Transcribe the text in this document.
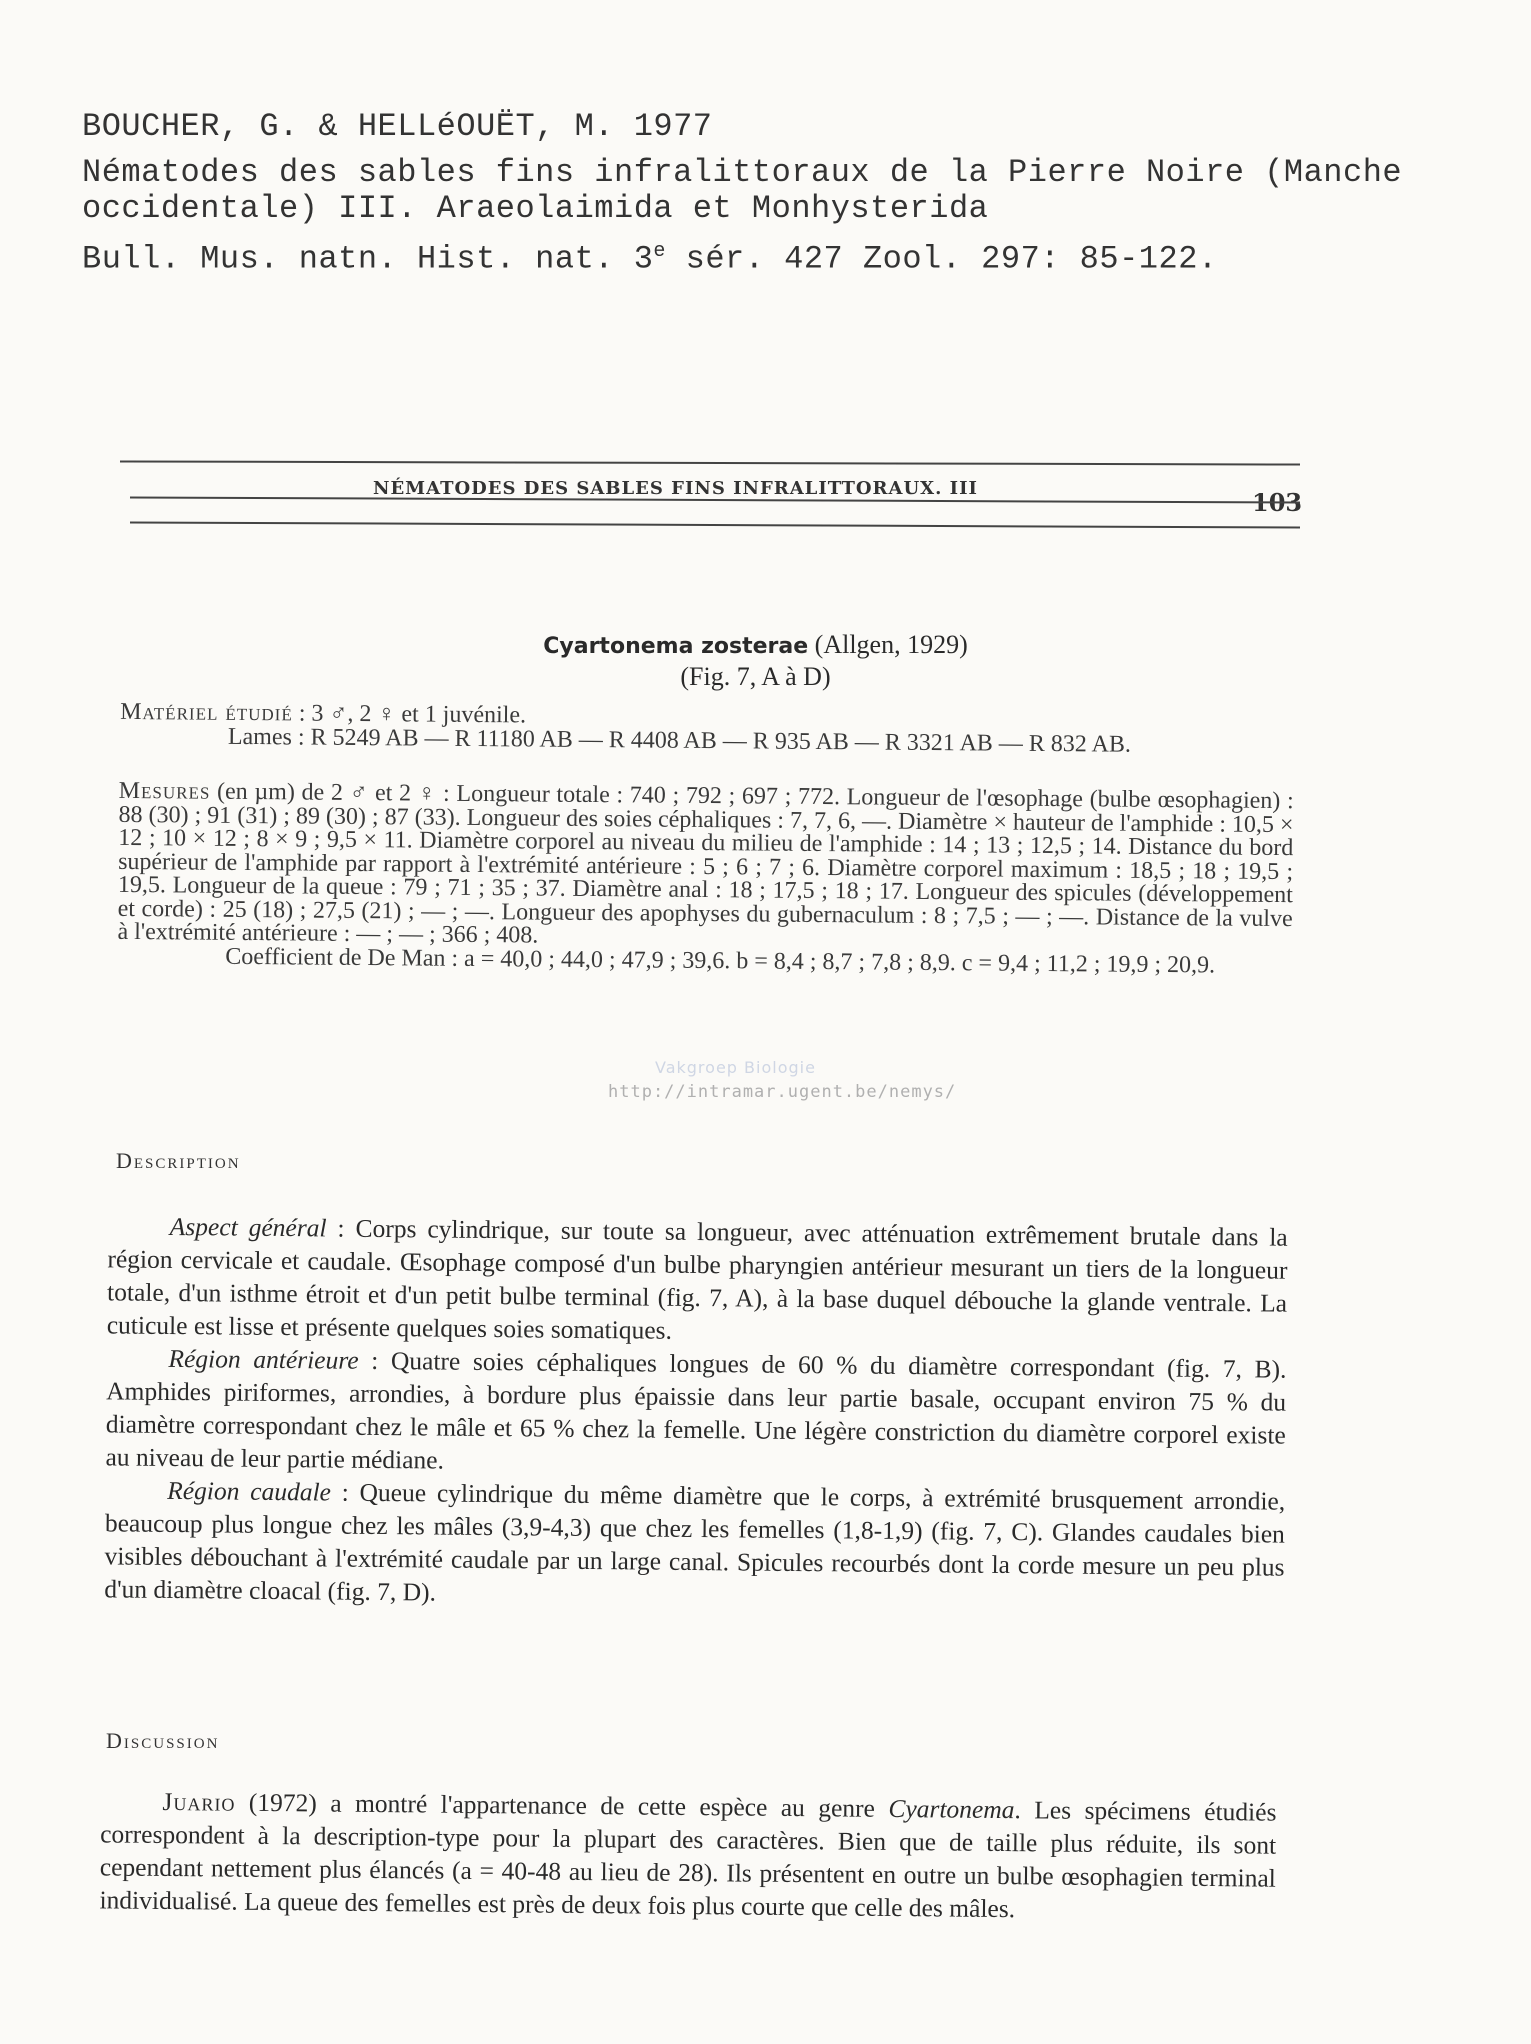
BOUCHER, G. & HELLéOUËT, M. 1977
Nématodes des sables fins infralittoraux de la Pierre Noire (Manche
occidentale) III. Araeolaimida et Monhysterida
Bull. Mus. natn. Hist. nat. 3e sér. 427 Zool. 297: 85-122.
NÉMATODES DES SABLES FINS INFRALITTORAUX. III	103
Cyartonema zosterae (Allgen, 1929)
(Fig. 7, A à D)

Matériel étudié : 3 ♂, 2 ♀ et 1 juvénile.

Lames : R 5249 AB — R 11180 AB — R 4408 AB — R 935 AB — R 3321 AB — R 832 AB.

Mesures (en µm) de 2 ♂ et 2 ♀ : Longueur totale : 740 ; 792 ; 697 ; 772. Longueur de l'œsophage (bulbe œsophagien) : 88 (30) ; 91 (31) ; 89 (30) ; 87 (33). Longueur des soies céphaliques : 7, 7, 6, —. Diamètre × hauteur de l'amphide : 10,5 × 12 ; 10 × 12 ; 8 × 9 ; 9,5 × 11. Diamètre corporel au niveau du milieu de l'amphide : 14 ; 13 ; 12,5 ; 14. Distance du bord supérieur de l'amphide par rapport à l'extrémité antérieure : 5 ; 6 ; 7 ; 6. Diamètre corporel maximum : 18,5 ; 18 ; 19,5 ; 19,5. Longueur de la queue : 79 ; 71 ; 35 ; 37. Diamètre anal : 18 ; 17,5 ; 18 ; 17. Longueur des spicules (développement et corde) : 25 (18) ; 27,5 (21) ; — ; —. Longueur des apophyses du gubernaculum : 8 ; 7,5 ; — ; —. Distance de la vulve à l'extrémité antérieure : — ; — ; 366 ; 408.

Coefficient de De Man : a = 40,0 ; 44,0 ; 47,9 ; 39,6. b = 8,4 ; 8,7 ; 7,8 ; 8,9. c = 9,4 ; 11,2 ; 19,9 ; 20,9.

Vakgroep Biologie
http://intramar.ugent.be/nemys/
Description

Aspect général : Corps cylindrique, sur toute sa longueur, avec atténuation extrêmement brutale dans la région cervicale et caudale. Œsophage composé d'un bulbe pharyngien antérieur mesurant un tiers de la longueur totale, d'un isthme étroit et d'un petit bulbe terminal (fig. 7, A), à la base duquel débouche la glande ventrale. La cuticule est lisse et présente quelques soies somatiques.

Région antérieure : Quatre soies céphaliques longues de 60 % du diamètre correspondant (fig. 7, B). Amphides piriformes, arrondies, à bordure plus épaissie dans leur partie basale, occupant environ 75 % du diamètre correspondant chez le mâle et 65 % chez la femelle. Une légère constriction du diamètre corporel existe au niveau de leur partie médiane.

Région caudale : Queue cylindrique du même diamètre que le corps, à extrémité brusquement arrondie, beaucoup plus longue chez les mâles (3,9-4,3) que chez les femelles (1,8-1,9) (fig. 7, C). Glandes caudales bien visibles débouchant à l'extrémité caudale par un large canal. Spicules recourbés dont la corde mesure un peu plus d'un diamètre cloacal (fig. 7, D).

Discussion

Juario (1972) a montré l'appartenance de cette espèce au genre Cyartonema. Les spécimens étudiés correspondent à la description-type pour la plupart des caractères. Bien que de taille plus réduite, ils sont cependant nettement plus élancés (a = 40-48 au lieu de 28). Ils présentent en outre un bulbe œsophagien terminal individualisé. La queue des femelles est près de deux fois plus courte que celle des mâles.
